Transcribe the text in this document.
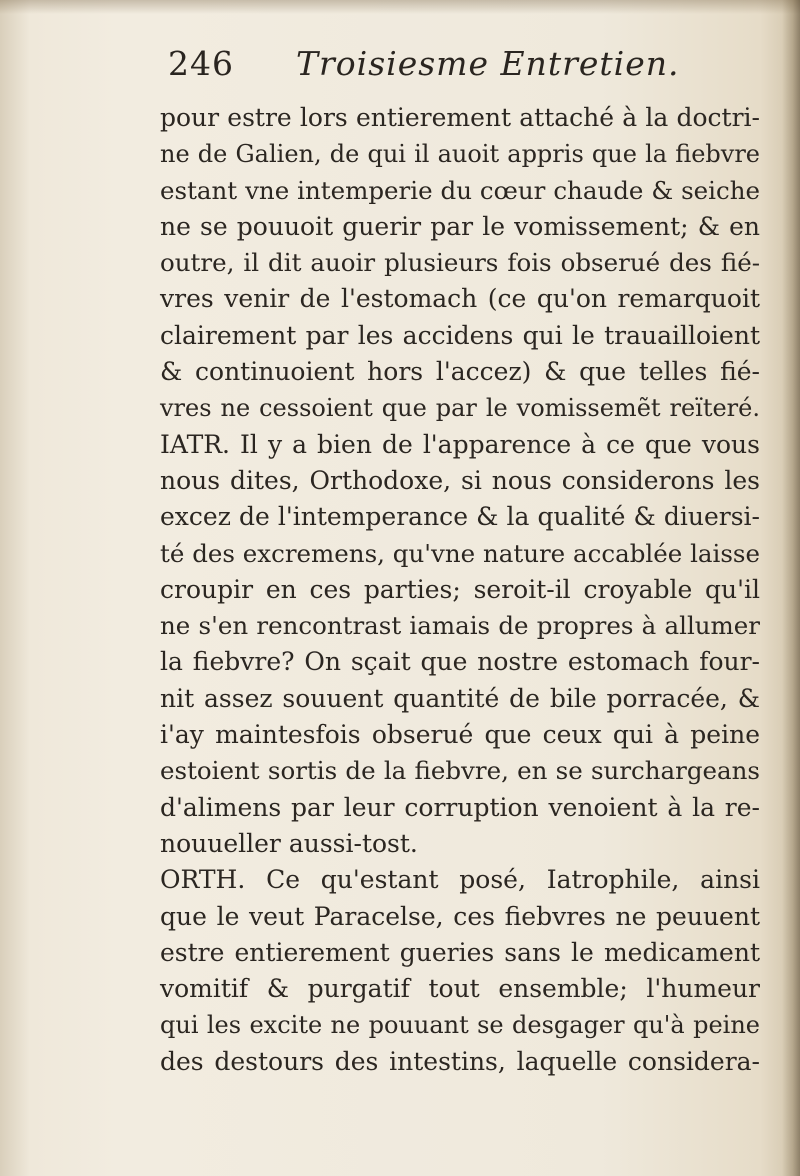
246 Troisiesme Entretien.
pour estre lors entierement attaché à la doctri-
ne de Galien, de qui il auoit appris que la fiebvre
estant vne intemperie du cœur chaude & seiche
ne se pouuoit guerir par le vomissement; & en
outre, il dit auoir plusieurs fois obserué des fié-
vres venir de l'estomach (ce qu'on remarquoit
clairement par les accidens qui le trauailloient
& continuoient hors l'accez) & que telles fié-
vres ne cessoient que par le vomissemẽt reïteré.
IATR. Il y a bien de l'apparence à ce que vous
nous dites, Orthodoxe, si nous considerons les
excez de l'intemperance & la qualité & diuersi-
té des excremens, qu'vne nature accablée laisse
croupir en ces parties; seroit-il croyable qu'il
ne s'en rencontrast iamais de propres à allumer
la fiebvre? On sçait que nostre estomach four-
nit assez souuent quantité de bile porracée, &
i'ay maintesfois obserué que ceux qui à peine
estoient sortis de la fiebvre, en se surchargeans
d'alimens par leur corruption venoient à la re-
nouueller aussi-tost.
ORTH. Ce qu'estant posé, Iatrophile, ainsi
que le veut Paracelse, ces fiebvres ne peuuent
estre entierement gueries sans le medicament
vomitif & purgatif tout ensemble; l'humeur
qui les excite ne pouuant se desgager qu'à peine
des destours des intestins, laquelle considera-
